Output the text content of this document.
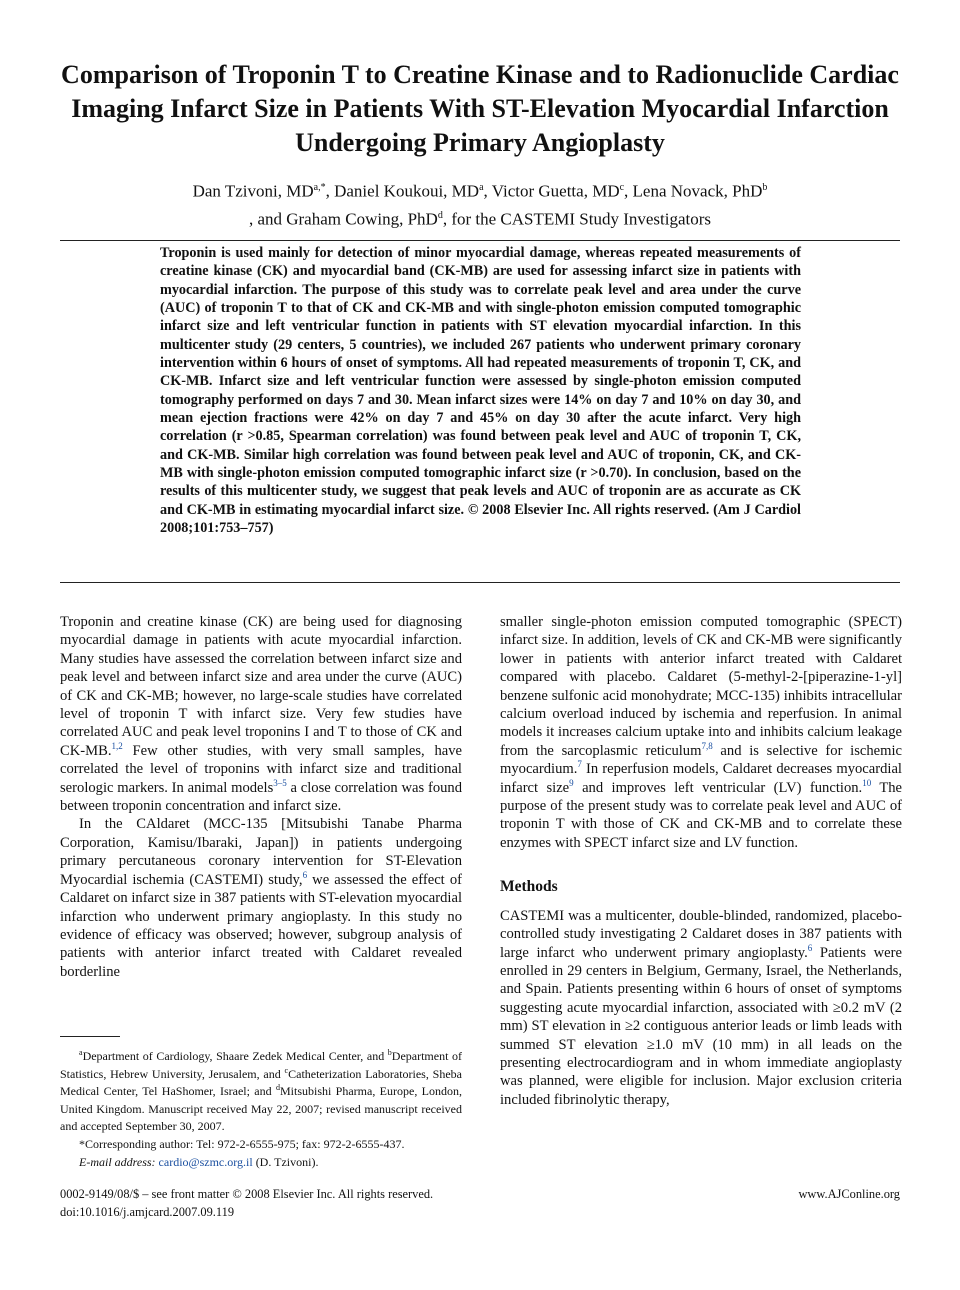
Comparison of Troponin T to Creatine Kinase and to Radionuclide Cardiac Imaging Infarct Size in Patients With ST-Elevation Myocardial Infarction Undergoing Primary Angioplasty

Dan Tzivoni, $MD^{a,*}$, Daniel Koukoui, $MD^a$, Victor Guetta, $MD^c$, Lena Novack, PhD$^b$
, and Graham Cowing, PhD$^d$, for the CASTEMI Study Investigators

Troponin is used mainly for detection of minor myocardial damage, whereas repeated measurements of creatine kinase (CK) and myocardial band (CK-MB) are used for assessing infarct size in patients with myocardial infarction. The purpose of this study was to correlate peak level and area under the curve (AUC) of troponin T to that of CK and CK-MB and with single-photon emission computed tomographic infarct size and left ventricular function in patients with ST elevation myocardial infarction. In this multicenter study (29 centers, 5 countries), we included 267 patients who underwent primary coronary intervention within 6 hours of onset of symptoms. All had repeated measurements of troponin T, CK, and CK-MB. Infarct size and left ventricular function were assessed by single-photon emission computed tomography performed on days 7 and 30. Mean infarct sizes were 14% on day 7 and 10% on day 30, and mean ejection fractions were 42% on day 7 and 45% on day 30 after the acute infarct. Very high correlation (r >0.85, Spearman correlation) was found between peak level and AUC of troponin T, CK, and CK-MB. Similar high correlation was found between peak level and AUC of troponin, CK, and CK-MB with single-photon emission computed tomographic infarct size (r >0.70). In conclusion, based on the results of this multicenter study, we suggest that peak levels and AUC of troponin are as accurate as CK and CK-MB in estimating myocardial infarct size. © 2008 Elsevier Inc. All rights reserved. (Am J Cardiol 2008;101:753–757)

Troponin and creatine kinase (CK) are being used for diagnosing myocardial damage in patients with acute myocardial infarction. Many studies have assessed the correlation between infarct size and peak level and between infarct size and area under the curve (AUC) of CK and CK-MB; however, no large-scale studies have correlated level of troponin T with infarct size. Very few studies have correlated AUC and peak level troponins I and T to those of CK and CK-MB.$^{1,2}$ Few other studies, with very small samples, have correlated the level of troponins with infarct size and traditional serologic markers. In animal models$^{3-5}$ a close correlation was found between troponin concentration and infarct size.

In the CAldaret (MCC-135 [Mitsubishi Tanabe Pharma Corporation, Kamisu/Ibaraki, Japan]) in patients undergoing primary percutaneous coronary intervention for ST-Elevation Myocardial ischemia (CASTEMI) study,$^6$ we assessed the effect of Caldaret on infarct size in 387 patients with ST-elevation myocardial infarction who underwent primary angioplasty. In this study no evidence of efficacy was observed; however, subgroup analysis of patients with anterior infarct treated with Caldaret revealed borderline

smaller single-photon emission computed tomographic (SPECT) infarct size. In addition, levels of CK and CK-MB were significantly lower in patients with anterior infarct treated with Caldaret compared with placebo. Caldaret (5-methyl-2-[piperazine-1-yl] benzene sulfonic acid monohydrate; MCC-135) inhibits intracellular calcium overload induced by ischemia and reperfusion. In animal models it increases calcium uptake into and inhibits calcium leakage from the sarcoplasmic reticulum$^{7,8}$ and is selective for ischemic myocardium.$^7$ In reperfusion models, Caldaret decreases myocardial infarct size$^9$ and improves left ventricular (LV) function.$^{10}$ The purpose of the present study was to correlate peak level and AUC of troponin T with those of CK and CK-MB and to correlate these enzymes with SPECT infarct size and LV function.

Methods

CASTEMI was a multicenter, double-blinded, randomized, placebo-controlled study investigating 2 Caldaret doses in 387 patients with large infarct who underwent primary angioplasty.$^6$ Patients were enrolled in 29 centers in Belgium, Germany, Israel, the Netherlands, and Spain. Patients presenting within 6 hours of onset of symptoms suggesting acute myocardial infarction, associated with ≥0.2 mV (2 mm) ST elevation in ≥2 contiguous anterior leads or limb leads with summed ST elevation ≥1.0 mV (10 mm) in all leads on the presenting electrocardiogram and in whom immediate angioplasty was planned, were eligible for inclusion. Major exclusion criteria included fibrinolytic therapy,

$^a$Department of Cardiology, Shaare Zedek Medical Center, and $^b$Department of Statistics, Hebrew University, Jerusalem, and $^c$Catheterization Laboratories, Sheba Medical Center, Tel HaShomer, Israel; and $^d$Mitsubishi Pharma, Europe, London, United Kingdom. Manuscript received May 22, 2007; revised manuscript received and accepted September 30, 2007.

*Corresponding author: Tel: 972-2-6555-975; fax: 972-2-6555-437.

E-mail address: cardio@szmc.org.il (D. Tzivoni).

0002-9149/08/$ – see front matter © 2008 Elsevier Inc. All rights reserved.
doi:10.1016/j.amjcard.2007.09.119
www.AJConline.org
